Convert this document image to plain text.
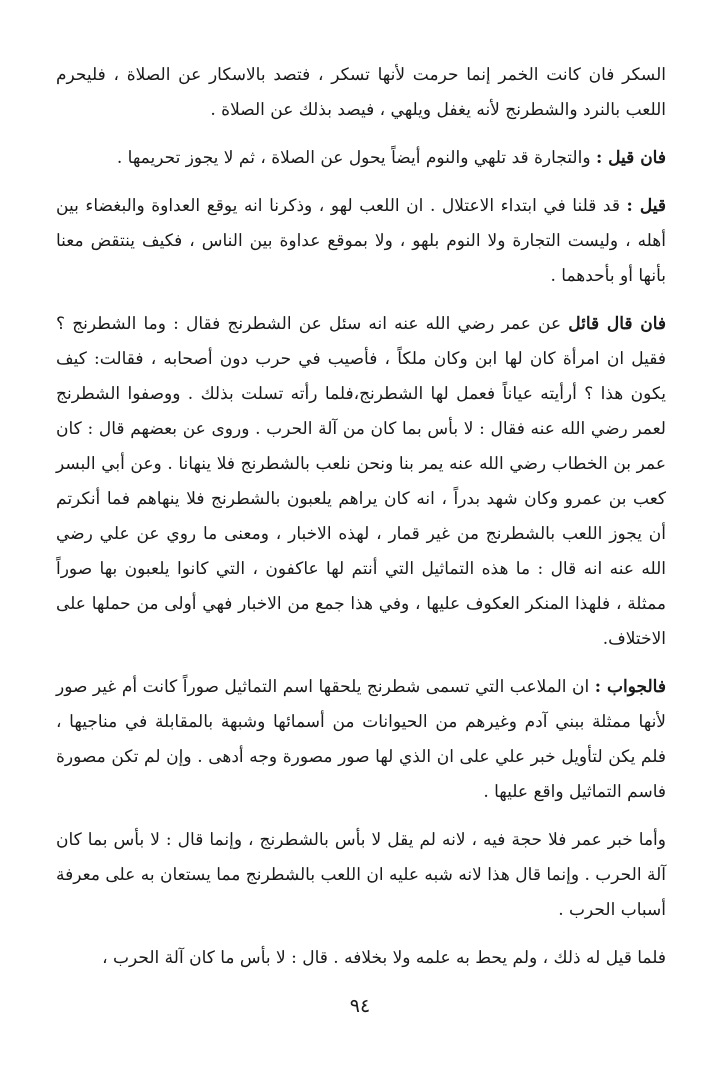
السكر فان كانت الخمر إنما حرمت لأنها تسكر ، فتصد بالاسكار عن الصلاة ، فليحرم اللعب بالنرد والشطرنج لأنه يغفل ويلهي ، فيصد بذلك عن الصلاة .

فان قيل : والتجارة قد تلهي والنوم أيضاً يحول عن الصلاة ، ثم لا يجوز تحريمها .

قيل : قد قلنا في ابتداء الاعتلال . ان اللعب لهو ، وذكرنا انه يوقع العداوة والبغضاء بين أهله ، وليست التجارة ولا النوم بلهو ، ولا بموقع عداوة بين الناس ، فكيف ينتقض معنا بأنها أو بأحدهما .

فان قال قائل عن عمر رضي الله عنه انه سئل عن الشطرنج فقال : وما الشطرنج ؟ فقيل ان امرأة كان لها ابن وكان ملكاً ، فأصيب في حرب دون أصحابه ، فقالت: كيف يكون هذا ؟ أرأيته عياناً فعمل لها الشطرنج،فلما رأته تسلت بذلك . ووصفوا الشطرنج لعمر رضي الله عنه فقال : لا بأس بما كان من آلة الحرب . وروى عن بعضهم قال : كان عمر بن الخطاب رضي الله عنه يمر بنا ونحن نلعب بالشطرنج فلا ينهانا . وعن أبي البسر كعب بن عمرو وكان شهد بدراً ، انه كان يراهم يلعبون بالشطرنج فلا ينهاهم فما أنكرتم أن يجوز اللعب بالشطرنج من غير قمار ، لهذه الاخبار ، ومعنى ما روي عن علي رضي الله عنه انه قال : ما هذه التماثيل التي أنتم لها عاكفون ، التي كانوا يلعبون بها صوراً ممثلة ، فلهذا المنكر العكوف عليها ، وفي هذا جمع من الاخبار فهي أولى من حملها على الاختلاف.

فالجواب : ان الملاعب التي تسمى شطرنج يلحقها اسم التماثيل صوراً كانت أم غير صور لأنها ممثلة ببني آدم وغيرهم من الحيوانات من أسمائها وشبهة بالمقابلة في مناجيها ، فلم يكن لتأويل خبر علي على ان الذي لها صور مصورة وجه أدهى . وإن لم تكن مصورة فاسم التماثيل واقع عليها .

وأما خبر عمر فلا حجة فيه ، لانه لم يقل لا بأس بالشطرنج ، وإنما قال : لا بأس بما كان آلة الحرب . وإنما قال هذا لانه شبه عليه ان اللعب بالشطرنج مما يستعان به على معرفة أسباب الحرب .

فلما قيل له ذلك ، ولم يحط به علمه ولا بخلافه . قال : لا بأس ما كان آلة الحرب ،

٩٤
